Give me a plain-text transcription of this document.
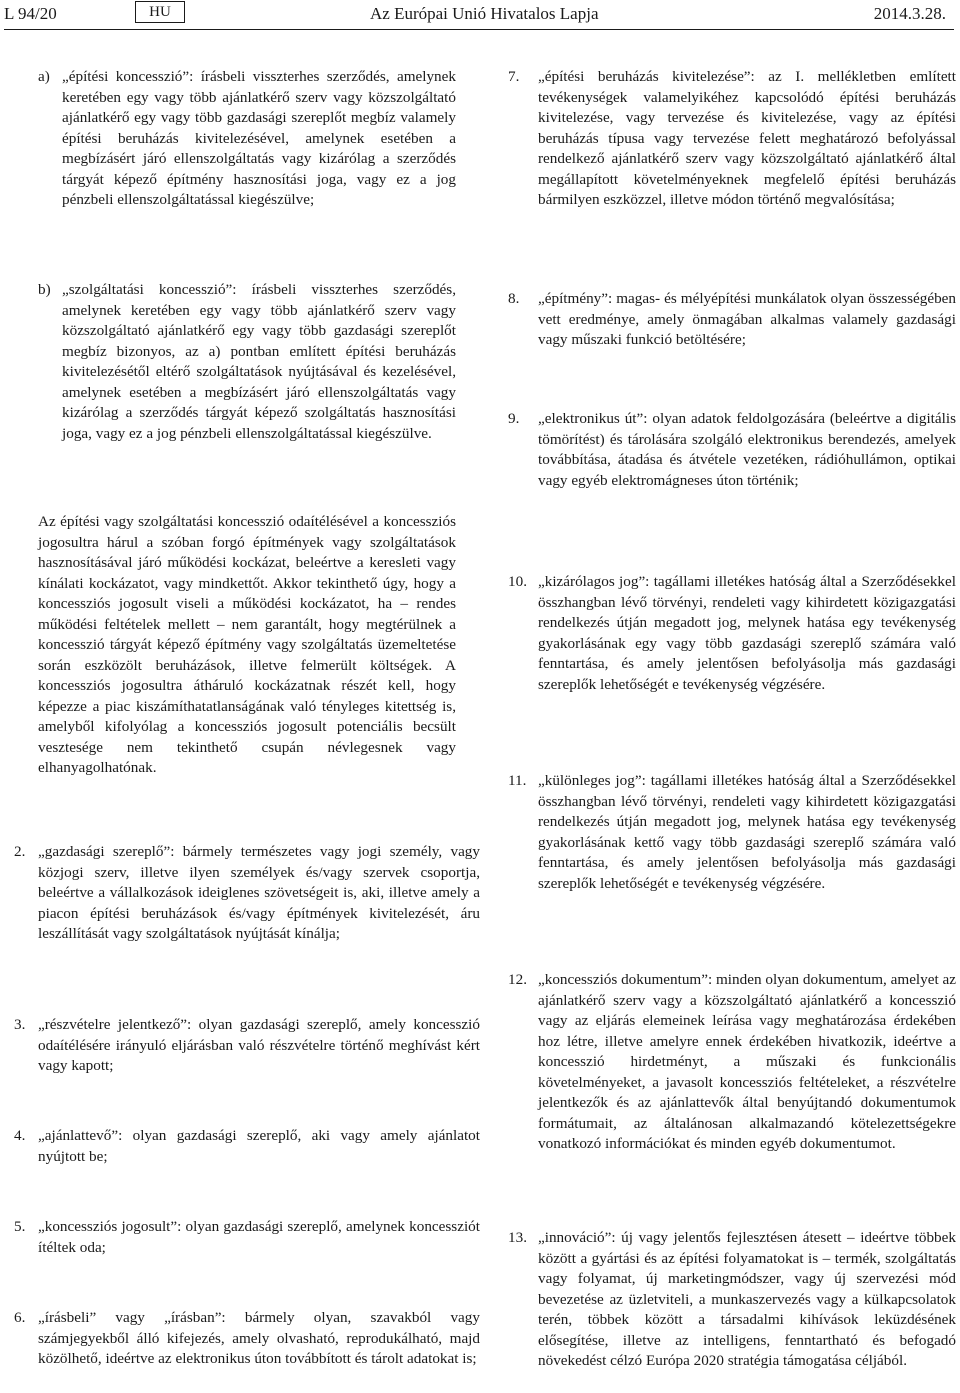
L 94/20	HU	Az Európai Unió Hivatalos Lapja	2014.3.28.
a) „építési koncesszió”: írásbeli visszterhes szerződés, amelynek keretében egy vagy több ajánlatkérő szerv vagy közszolgáltató ajánlatkérő egy vagy több gazdasági szereplőt megbíz valamely építési beruházás kivitelezésével, amelynek esetében a megbízásért járó ellenszolgáltatás vagy kizárólag a szerződés tárgyát képező építmény hasznosítási joga, vagy ez a jog pénzbeli ellenszolgáltatással kiegészülve;
b) „szolgáltatási koncesszió”: írásbeli visszterhes szerződés, amelynek keretében egy vagy több ajánlatkérő szerv vagy közszolgáltató ajánlatkérő egy vagy több gazdasági szereplőt megbíz bizonyos, az a) pontban említett építési beruházás kivitelezésétől eltérő szolgáltatások nyújtásával és kezelésével, amelynek esetében a megbízásért járó ellenszolgáltatás vagy kizárólag a szerződés tárgyát képező szolgáltatás hasznosítási joga, vagy ez a jog pénzbeli ellenszolgáltatással kiegészülve.
Az építési vagy szolgáltatási koncesszió odaítélésével a koncessziós jogosultra hárul a szóban forgó építmények vagy szolgáltatások hasznosításával járó működési kockázat, beleértve a keresleti vagy kínálati kockázatot, vagy mindkettőt. Akkor tekinthető úgy, hogy a koncessziós jogosult viseli a működési kockázatot, ha – rendes működési feltételek mellett – nem garantált, hogy megtérülnek a koncesszió tárgyát képező építmény vagy szolgáltatás üzemeltetése során eszközölt beruházások, illetve felmerült költségek. A koncessziós jogosultra átháruló kockázatnak részét kell, hogy képezze a piac kiszámíthatatlanságának való tényleges kitettség is, amelyből kifolyólag a koncessziós jogosult potenciális becsült vesztesége nem tekinthető csupán névlegesnek vagy elhanyagolhatónak.
2. „gazdasági szereplő”: bármely természetes vagy jogi személy, vagy közjogi szerv, illetve ilyen személyek és/vagy szervek csoportja, beleértve a vállalkozások ideiglenes szövetségeit is, aki, illetve amely a piacon építési beruházások és/vagy építmények kivitelezését, áru leszállítását vagy szolgáltatások nyújtását kínálja;
3. „részvételre jelentkező”: olyan gazdasági szereplő, amely koncesszió odaítélésére irányuló eljárásban való részvételre történő meghívást kért vagy kapott;
4. „ajánlattevő”: olyan gazdasági szereplő, aki vagy amely ajánlatot nyújtott be;
5. „koncessziós jogosult”: olyan gazdasági szereplő, amelynek koncessziót ítéltek oda;
6. „írásbeli” vagy „írásban”: bármely olyan, szavakból vagy számjegyekből álló kifejezés, amely olvasható, reprodukálható, majd közölhető, ideértve az elektronikus úton továbbított és tárolt adatokat is;
7. „építési beruházás kivitelezése”: az I. mellékletben említett tevékenységek valamelyikéhez kapcsolódó építési beruházás kivitelezése, vagy tervezése és kivitelezése, vagy az építési beruházás típusa vagy tervezése felett meghatározó befolyással rendelkező ajánlatkérő szerv vagy közszolgáltató ajánlatkérő által megállapított követelményeknek megfelelő építési beruházás bármilyen eszközzel, illetve módon történő megvalósítása;
8. „építmény”: magas- és mélyépítési munkálatok olyan összességében vett eredménye, amely önmagában alkalmas valamely gazdasági vagy műszaki funkció betöltésére;
9. „elektronikus út”: olyan adatok feldolgozására (beleértve a digitális tömörítést) és tárolására szolgáló elektronikus berendezés, amelyek továbbítása, átadása és átvétele vezetéken, rádióhullámon, optikai vagy egyéb elektromágneses úton történik;
10. „kizárólagos jog”: tagállami illetékes hatóság által a Szerződésekkel összhangban lévő törvényi, rendeleti vagy kihirdetett közigazgatási rendelkezés útján megadott jog, melynek hatása egy tevékenység gyakorlásának egy vagy több gazdasági szereplő számára való fenntartása, és amely jelentősen befolyásolja más gazdasági szereplők lehetőségét e tevékenység végzésére.
11. „különleges jog”: tagállami illetékes hatóság által a Szerződésekkel összhangban lévő törvényi, rendeleti vagy kihirdetett közigazgatási rendelkezés útján megadott jog, melynek hatása egy tevékenység gyakorlásának kettő vagy több gazdasági szereplő számára való fenntartása, és amely jelentősen befolyásolja más gazdasági szereplők lehetőségét e tevékenység végzésére.
12. „koncessziós dokumentum”: minden olyan dokumentum, amelyet az ajánlatkérő szerv vagy a közszolgáltató ajánlatkérő a koncesszió vagy az eljárás elemeinek leírása vagy meghatározása érdekében hoz létre, illetve amelyre ennek érdekében hivatkozik, ideértve a koncesszió hirdetményt, a műszaki és funkcionális követelményeket, a javasolt koncessziós feltételeket, a részvételre jelentkezők és az ajánlattevők által benyújtandó dokumentumok formátumait, az általánosan alkalmazandó kötelezettségekre vonatkozó információkat és minden egyéb dokumentumot.
13. „innováció”: új vagy jelentős fejlesztésen átesett – ideértve többek között a gyártási és az építési folyamatokat is – termék, szolgáltatás vagy folyamat, új marketingmódszer, vagy új szervezési mód bevezetése az üzletviteli, a munkaszervezés vagy a külkapcsolatok terén, többek között a társadalmi kihívások leküzdésének elősegítése, illetve az intelligens, fenntartható és befogadó növekedést célzó Európa 2020 stratégia támogatása céljából.
